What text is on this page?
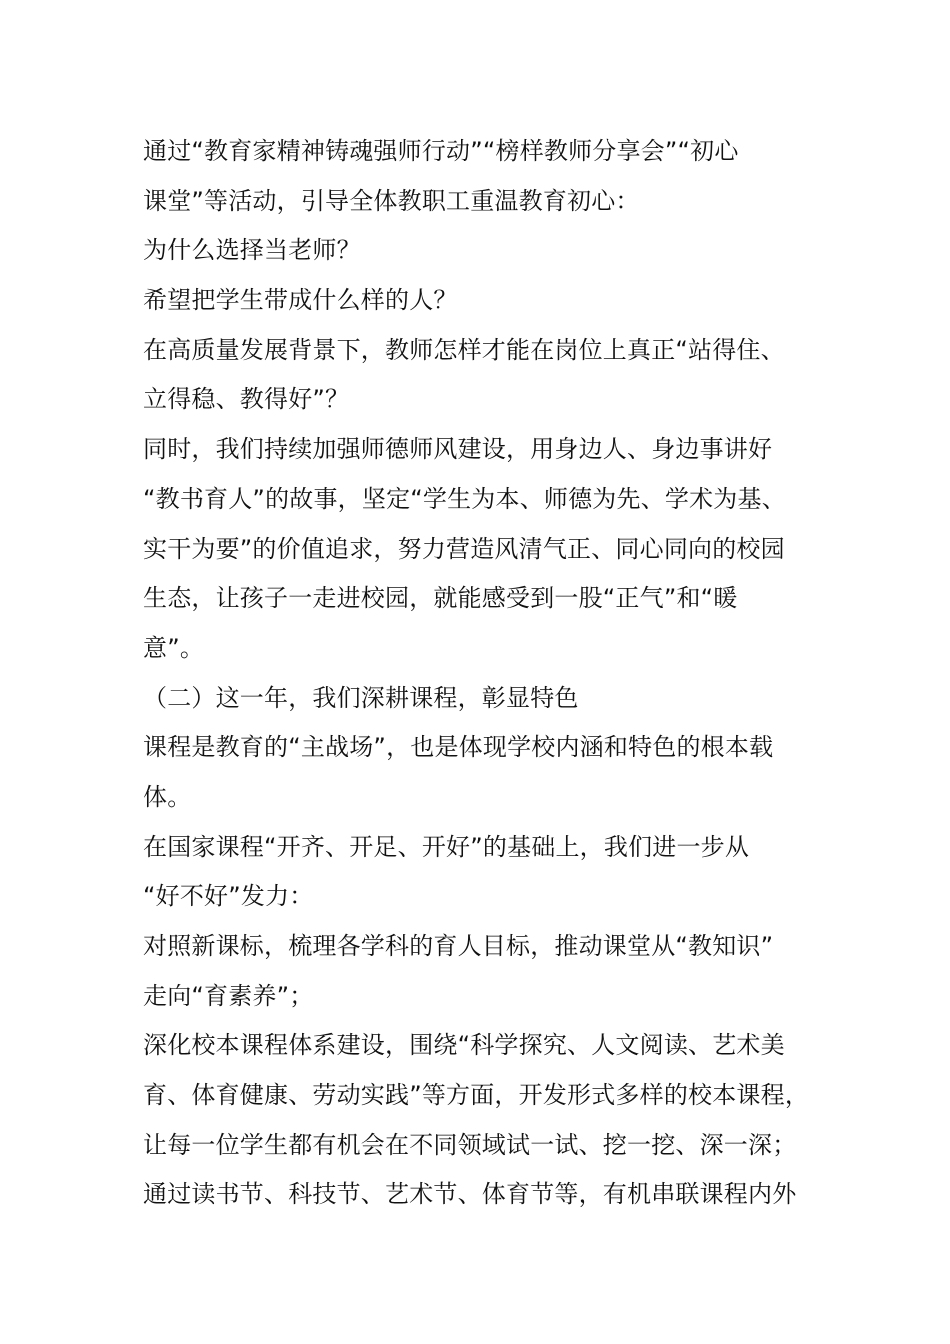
通过“教育家精神铸魂强师行动”“榜样教师分享会”“初心
课堂”等活动，引导全体教职工重温教育初心：
为什么选择当老师？
希望把学生带成什么样的人？
在高质量发展背景下，教师怎样才能在岗位上真正“站得住、
立得稳、教得好”？
同时，我们持续加强师德师风建设，用身边人、身边事讲好
“教书育人”的故事，坚定“学生为本、师德为先、学术为基、
实干为要”的价值追求，努力营造风清气正、同心同向的校园
生态，让孩子一走进校园，就能感受到一股“正气”和“暖
意”。
（二）这一年，我们深耕课程，彰显特色
课程是教育的“主战场”，也是体现学校内涵和特色的根本载
体。
在国家课程“开齐、开足、开好”的基础上，我们进一步从
“好不好”发力：
对照新课标，梳理各学科的育人目标，推动课堂从“教知识”
走向“育素养”；
深化校本课程体系建设，围绕“科学探究、人文阅读、艺术美
育、体育健康、劳动实践”等方面，开发形式多样的校本课程，
让每一位学生都有机会在不同领域试一试、挖一挖、深一深；
通过读书节、科技节、艺术节、体育节等，有机串联课程内外
